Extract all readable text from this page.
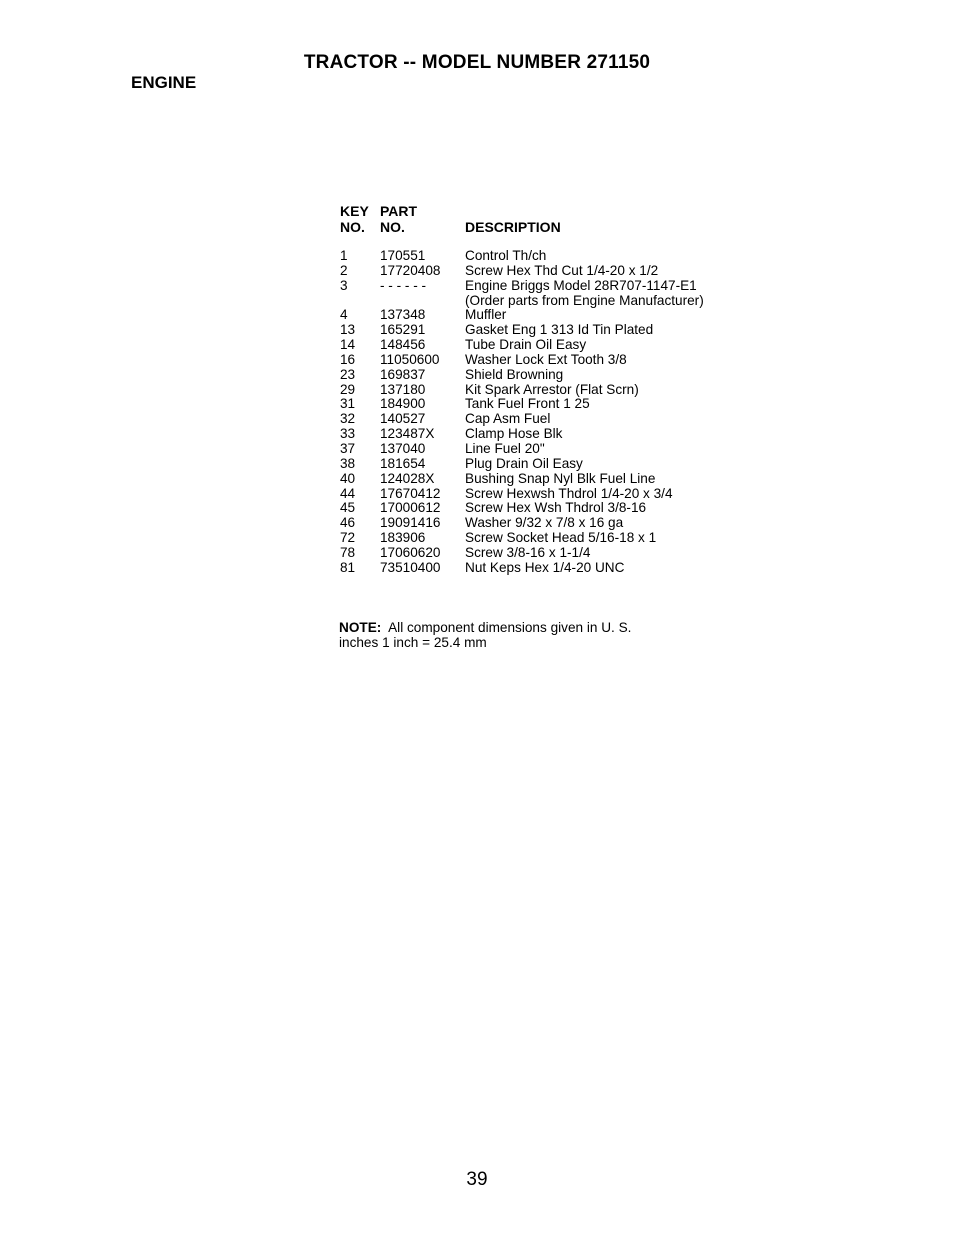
TRACTOR -- MODEL NUMBER 271150
ENGINE
KEY
NO.
PART
NO.	DESCRIPTION
1	170551	Control Th/ch
2	17720408	Screw Hex Thd Cut 1/4-20 x 1/2
3	- - - - - -	Engine Briggs Model 28R707-1147-E1
(Order parts from Engine Manufacturer)
4	137348	Muffler
13	165291	Gasket Eng 1 313 Id Tin Plated
14	148456	Tube Drain Oil Easy
16	11050600	Washer Lock Ext Tooth 3/8
23	169837	Shield Browning
29	137180	Kit Spark Arrestor (Flat Scrn)
31	184900	Tank Fuel Front 1 25
32	140527	Cap Asm Fuel
33	123487X	Clamp Hose Blk
37	137040	Line Fuel 20"
38	181654	Plug Drain Oil Easy
40	124028X	Bushing Snap Nyl Blk Fuel Line
44	17670412	Screw Hexwsh Thdrol 1/4-20 x 3/4
45	17000612	Screw Hex Wsh Thdrol 3/8-16
46	19091416	Washer 9/32 x 7/8 x 16 ga
72	183906	Screw Socket Head 5/16-18 x 1
78	17060620	Screw 3/8-16 x 1-1/4
81	73510400	Nut Keps Hex 1/4-20 UNC
NOTE: All component dimensions given in U. S.
inches 1 inch = 25.4 mm
39
